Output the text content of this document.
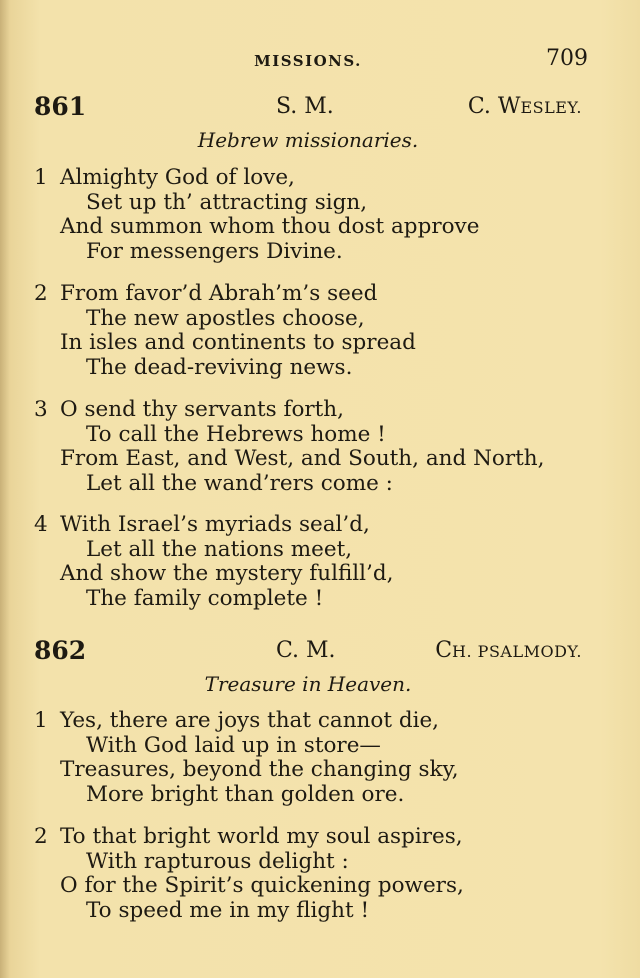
MISSIONS.	709
861	S. M.	C. WESLEY.
Hebrew missionaries.
1 Almighty God of love,
Set up th’ attracting sign,
And summon whom thou dost approve
For messengers Divine.
2 From favor’d Abrah’m’s seed
The new apostles choose,
In isles and continents to spread
The dead-reviving news.
3 O send thy servants forth,
To call the Hebrews home !
From East, and West, and South, and North,
Let all the wand’rers come :
4 With Israel’s myriads seal’d,
Let all the nations meet,
And show the mystery fulfill’d,
The family complete !
862	C. M.	CH. PSALMODY.
Treasure in Heaven.
1 Yes, there are joys that cannot die,
With God laid up in store—
Treasures, beyond the changing sky,
More bright than golden ore.
2 To that bright world my soul aspires,
With rapturous delight :
O for the Spirit’s quickening powers,
To speed me in my flight !
